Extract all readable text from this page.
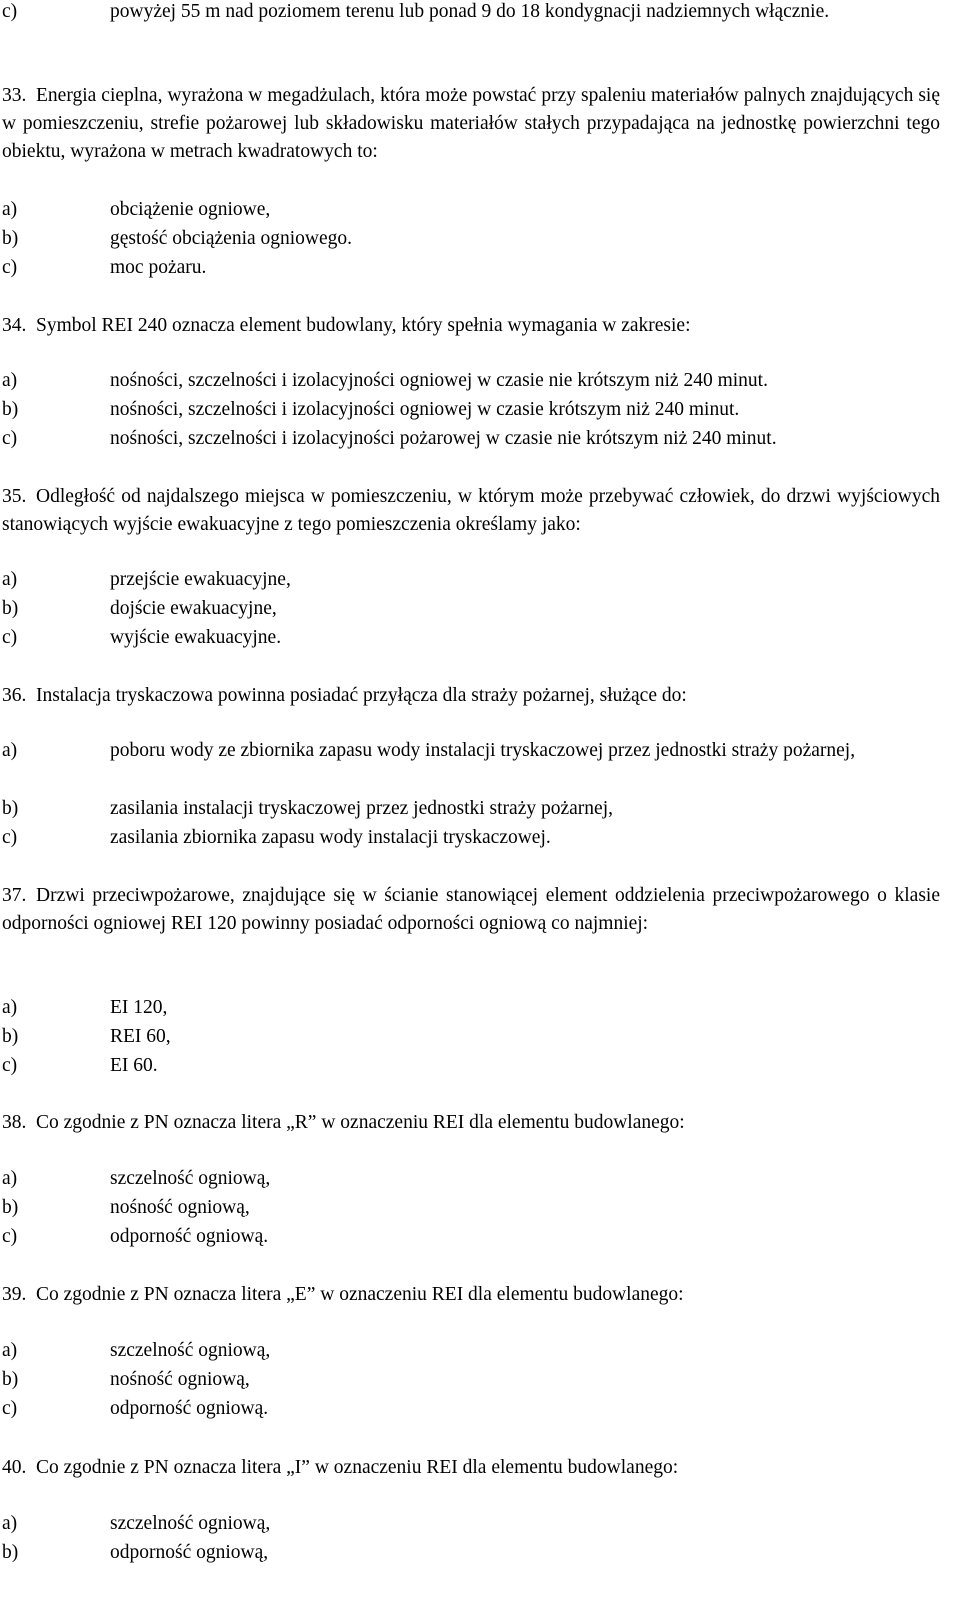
c)	powyżej 55 m nad poziomem terenu lub ponad 9 do 18 kondygnacji nadziemnych włącznie.
33. Energia cieplna, wyrażona w megadżulach, która może powstać przy spaleniu materiałów palnych znajdujących się w pomieszczeniu, strefie pożarowej lub składowisku materiałów stałych przypadająca na jednostkę powierzchni tego obiektu, wyrażona w metrach kwadratowych to:
a)	obciążenie ogniowe,
b)	gęstość obciążenia ogniowego.
c)	moc pożaru.
34. Symbol REI 240 oznacza element budowlany, który spełnia wymagania w zakresie:
a)	nośności, szczelności i izolacyjności ogniowej w czasie nie krótszym niż 240 minut.
b)	nośności, szczelności i izolacyjności ogniowej w czasie krótszym niż 240 minut.
c)	nośności, szczelności i izolacyjności pożarowej w czasie nie krótszym niż 240 minut.
35. Odległość od najdalszego miejsca w pomieszczeniu, w którym może przebywać człowiek, do drzwi wyjściowych stanowiących wyjście ewakuacyjne z tego pomieszczenia określamy jako:
a)	przejście ewakuacyjne,
b)	dojście ewakuacyjne,
c)	wyjście ewakuacyjne.
36. Instalacja tryskaczowa powinna posiadać przyłącza dla straży pożarnej, służące do:
a)	poboru wody ze zbiornika zapasu wody instalacji tryskaczowej przez jednostki straży pożarnej,
b)	zasilania instalacji tryskaczowej przez jednostki straży pożarnej,
c)	zasilania zbiornika zapasu wody instalacji tryskaczowej.
37. Drzwi przeciwpożarowe, znajdujące się w ścianie stanowiącej element oddzielenia przeciwpożarowego o klasie odporności ogniowej REI 120 powinny posiadać odporności ogniową co najmniej:
a)	EI 120,
b)	REI 60,
c)	EI 60.
38. Co zgodnie z PN oznacza litera „R” w oznaczeniu REI dla elementu budowlanego:
a)	szczelność ogniową,
b)	nośność ogniową,
c)	odporność ogniową.
39. Co zgodnie z PN oznacza litera „E” w oznaczeniu REI dla elementu budowlanego:
a)	szczelność ogniową,
b)	nośność ogniową,
c)	odporność ogniową.
40. Co zgodnie z PN oznacza litera „I” w oznaczeniu REI dla elementu budowlanego:
a)	szczelność ogniową,
b)	odporność ogniową,
